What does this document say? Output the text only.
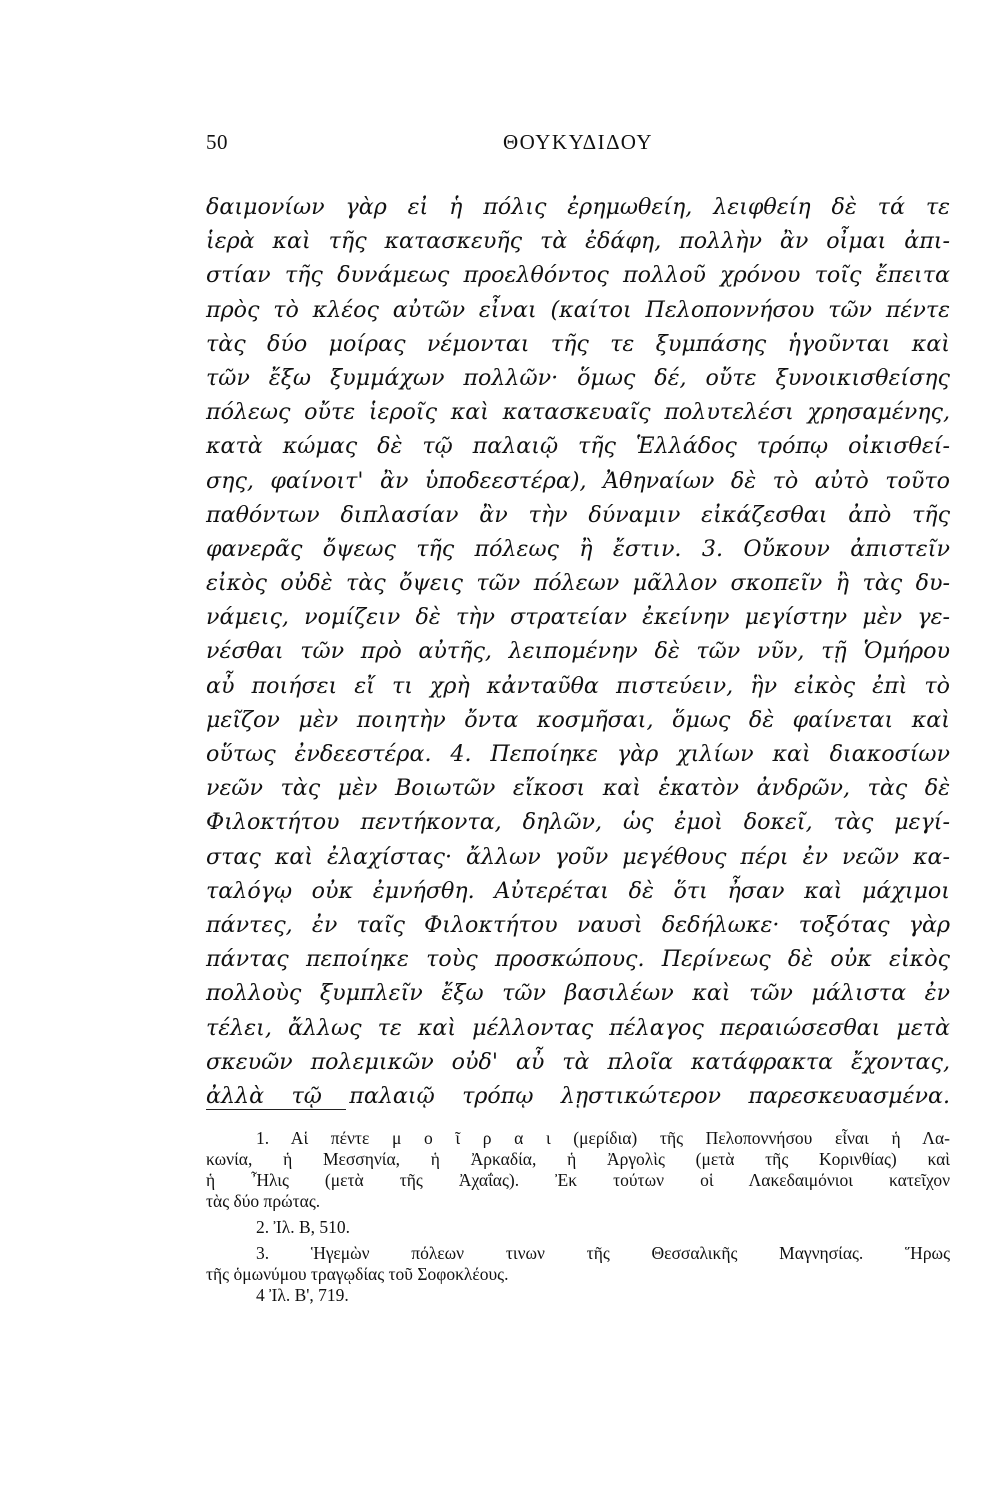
50	ΘΟΥΚΥΔΙΔΟΥ
δαιμονίων γὰρ εἰ ἡ πόλις ἐρημωθείη, λειφθείη δὲ τά τε
ἱερὰ καὶ τῆς κατασκευῆς τὰ ἐδάφη, πολλὴν ἂν οἶμαι ἀπι-
στίαν τῆς δυνάμεως προελθόντος πολλοῦ χρόνου τοῖς ἔπειτα
πρὸς τὸ κλέος αὐτῶν εἶναι (καίτοι Πελοποννήσου τῶν πέντε
τὰς δύο μοίρας νέμονται τῆς τε ξυμπάσης ἡγοῦνται καὶ
τῶν ἔξω ξυμμάχων πολλῶν· ὅμως δέ, οὔτε ξυνοικισθείσης
πόλεως οὔτε ἱεροῖς καὶ κατασκευαῖς πολυτελέσι χρησαμένης,
κατὰ κώμας δὲ τῷ παλαιῷ τῆς Ἑλλάδος τρόπῳ οἰκισθεί-
σης, φαίνοιτ' ἂν ὑποδεεστέρα), Ἀθηναίων δὲ τὸ αὐτὸ τοῦτο
παθόντων διπλασίαν ἂν τὴν δύναμιν εἰκάζεσθαι ἀπὸ τῆς
φανερᾶς ὄψεως τῆς πόλεως ἢ ἔστιν. 3. Οὔκουν ἀπιστεῖν
εἰκὸς οὐδὲ τὰς ὄψεις τῶν πόλεων μᾶλλον σκοπεῖν ἢ τὰς δυ-
νάμεις, νομίζειν δὲ τὴν στρατείαν ἐκείνην μεγίστην μὲν γε-
νέσθαι τῶν πρὸ αὐτῆς, λειπομένην δὲ τῶν νῦν, τῇ Ὁμήρου
αὖ ποιήσει εἴ τι χρὴ κἀνταῦθα πιστεύειν, ἣν εἰκὸς ἐπὶ τὸ
μεῖζον μὲν ποιητὴν ὄντα κοσμῆσαι, ὅμως δὲ φαίνεται καὶ
οὕτως ἐνδεεστέρα. 4. Πεποίηκε γὰρ χιλίων καὶ διακοσίων
νεῶν τὰς μὲν Βοιωτῶν εἴκοσι καὶ ἑκατὸν ἀνδρῶν, τὰς δὲ
Φιλοκτήτου πεντήκοντα, δηλῶν, ὡς ἐμοὶ δοκεῖ, τὰς μεγί-
στας καὶ ἐλαχίστας· ἄλλων γοῦν μεγέθους πέρι ἐν νεῶν κα-
ταλόγῳ οὐκ ἐμνήσθη. Αὐτερέται δὲ ὅτι ἦσαν καὶ μάχιμοι
πάντες, ἐν ταῖς Φιλοκτήτου ναυσὶ δεδήλωκε· τοξότας γὰρ
πάντας πεποίηκε τοὺς προσκώπους. Περίνεως δὲ οὐκ εἰκὸς
πολλοὺς ξυμπλεῖν ἔξω τῶν βασιλέων καὶ τῶν μάλιστα ἐν
τέλει, ἄλλως τε καὶ μέλλοντας πέλαγος περαιώσεσθαι μετὰ
σκευῶν πολεμικῶν οὐδ' αὖ τὰ πλοῖα κατάφρακτα ἔχοντας,
ἀλλὰ τῷ παλαιῷ τρόπῳ λῃστικώτερον παρεσκευασμένα.
1. Αἱ πέντε μ ο ῖ ρ α ι (μερίδια) τῆς Πελοποννήσου εἶναι ἡ Λα-
κωνία, ἡ Μεσσηνία, ἡ Ἀρκαδία, ἡ Ἀργολὶς (μετὰ τῆς Κορινθίας) καὶ
ἡ Ἦλις (μετὰ τῆς Ἀχαΐας). Ἐκ τούτων οἱ Λακεδαιμόνιοι κατεῖχον
τὰς δύο πρώτας.
2. Ἰλ. Β, 510.
3. Ἡγεμὼν πόλεων τινων τῆς Θεσσαλικῆς Μαγνησίας. Ἥρως
τῆς ὁμωνύμου τραγῳδίας τοῦ Σοφοκλέους.
4 Ἰλ. Β', 719.
